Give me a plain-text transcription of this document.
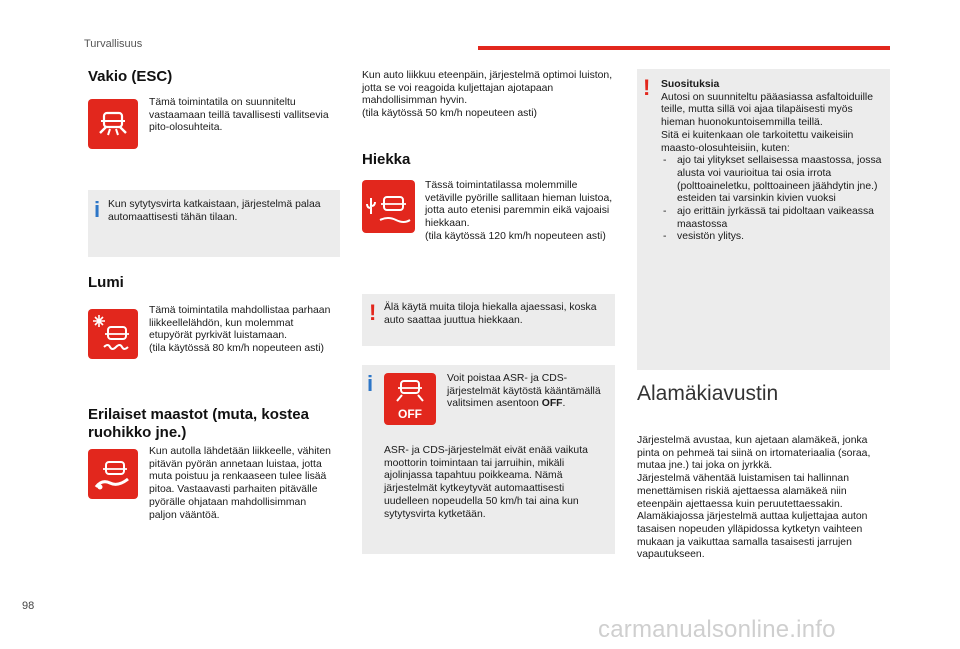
Turvallisuus
Vakio (ESC)
Tämä toimintatila on suunniteltu vastaamaan teillä tavallisesti vallitsevia pito-olosuhteita.
i Kun sytytysvirta katkaistaan, järjestelmä palaa automaattisesti tähän tilaan.
Lumi
Tämä toimintatila mahdollistaa parhaan liikkeellelähdön, kun molemmat etupyörät pyrkivät luistamaan.
(tila käytössä 80 km/h nopeuteen asti)
Erilaiset maastot (muta, kostea ruohikko jne.)
Kun autolla lähdetään liikkeelle, vähiten pitävän pyörän annetaan luistaa, jotta muta poistuu ja renkaaseen tulee lisää pitoa. Vastaavasti parhaiten pitävälle pyörälle ohjataan mahdollisimman paljon vääntöä.
Kun auto liikkuu eteenpäin, järjestelmä optimoi luiston, jotta se voi reagoida kuljettajan ajotapaan mahdollisimman hyvin.
(tila käytössä 50 km/h nopeuteen asti)
Hiekka
Tässä toimintatilassa molemmille vetäville pyörille sallitaan hieman luistoa, jotta auto etenisi paremmin eikä vajoaisi hiekkaan.
(tila käytössä 120 km/h nopeuteen asti)
! Älä käytä muita tiloja hiekalla ajaessasi, koska auto saattaa juuttua hiekkaan.
i
OFF
Voit poistaa ASR- ja CDS-järjestelmät käytöstä kääntämällä valitsimen asentoon OFF.
ASR- ja CDS-järjestelmät eivät enää vaikuta moottorin toimintaan tai jarruihin, mikäli ajolinjassa tapahtuu poikkeama. Nämä järjestelmät kytkeytyvät automaattisesti uudelleen nopeudella 50 km/h tai aina kun sytytysvirta kytketään.
! Suosituksia
Autosi on suunniteltu pääasiassa asfaltoiduille teille, mutta sillä voi ajaa tilapäisesti myös hieman huonokuntoisemmilla teillä.
Sitä ei kuitenkaan ole tarkoitettu vaikeisiin maasto-olosuhteisiin, kuten:
- ajo tai ylitykset sellaisessa maastossa, jossa alusta voi vaurioitua tai osia irrota (polttoaineletku, polttoaineen jäähdytin jne.) esteiden tai varsinkin kivien vuoksi
- ajo erittäin jyrkässä tai pidoltaan vaikeassa maastossa
- vesistön ylitys.
Alamäkiavustin
Järjestelmä avustaa, kun ajetaan alamäkeä, jonka pinta on pehmeä tai siinä on irtomateriaalia (soraa, mutaa jne.) tai joka on jyrkkä.
Järjestelmä vähentää luistamisen tai hallinnan menettämisen riskiä ajettaessa alamäkeä niin eteenpäin ajettaessa kuin peruutettaessakin.
Alamäkiajossa järjestelmä auttaa kuljettajaa auton tasaisen nopeuden ylläpidossa kytketyn vaihteen mukaan ja vaikuttaa samalla tasaisesti jarrujen vapautukseen.
98
carmanualsonline.info
